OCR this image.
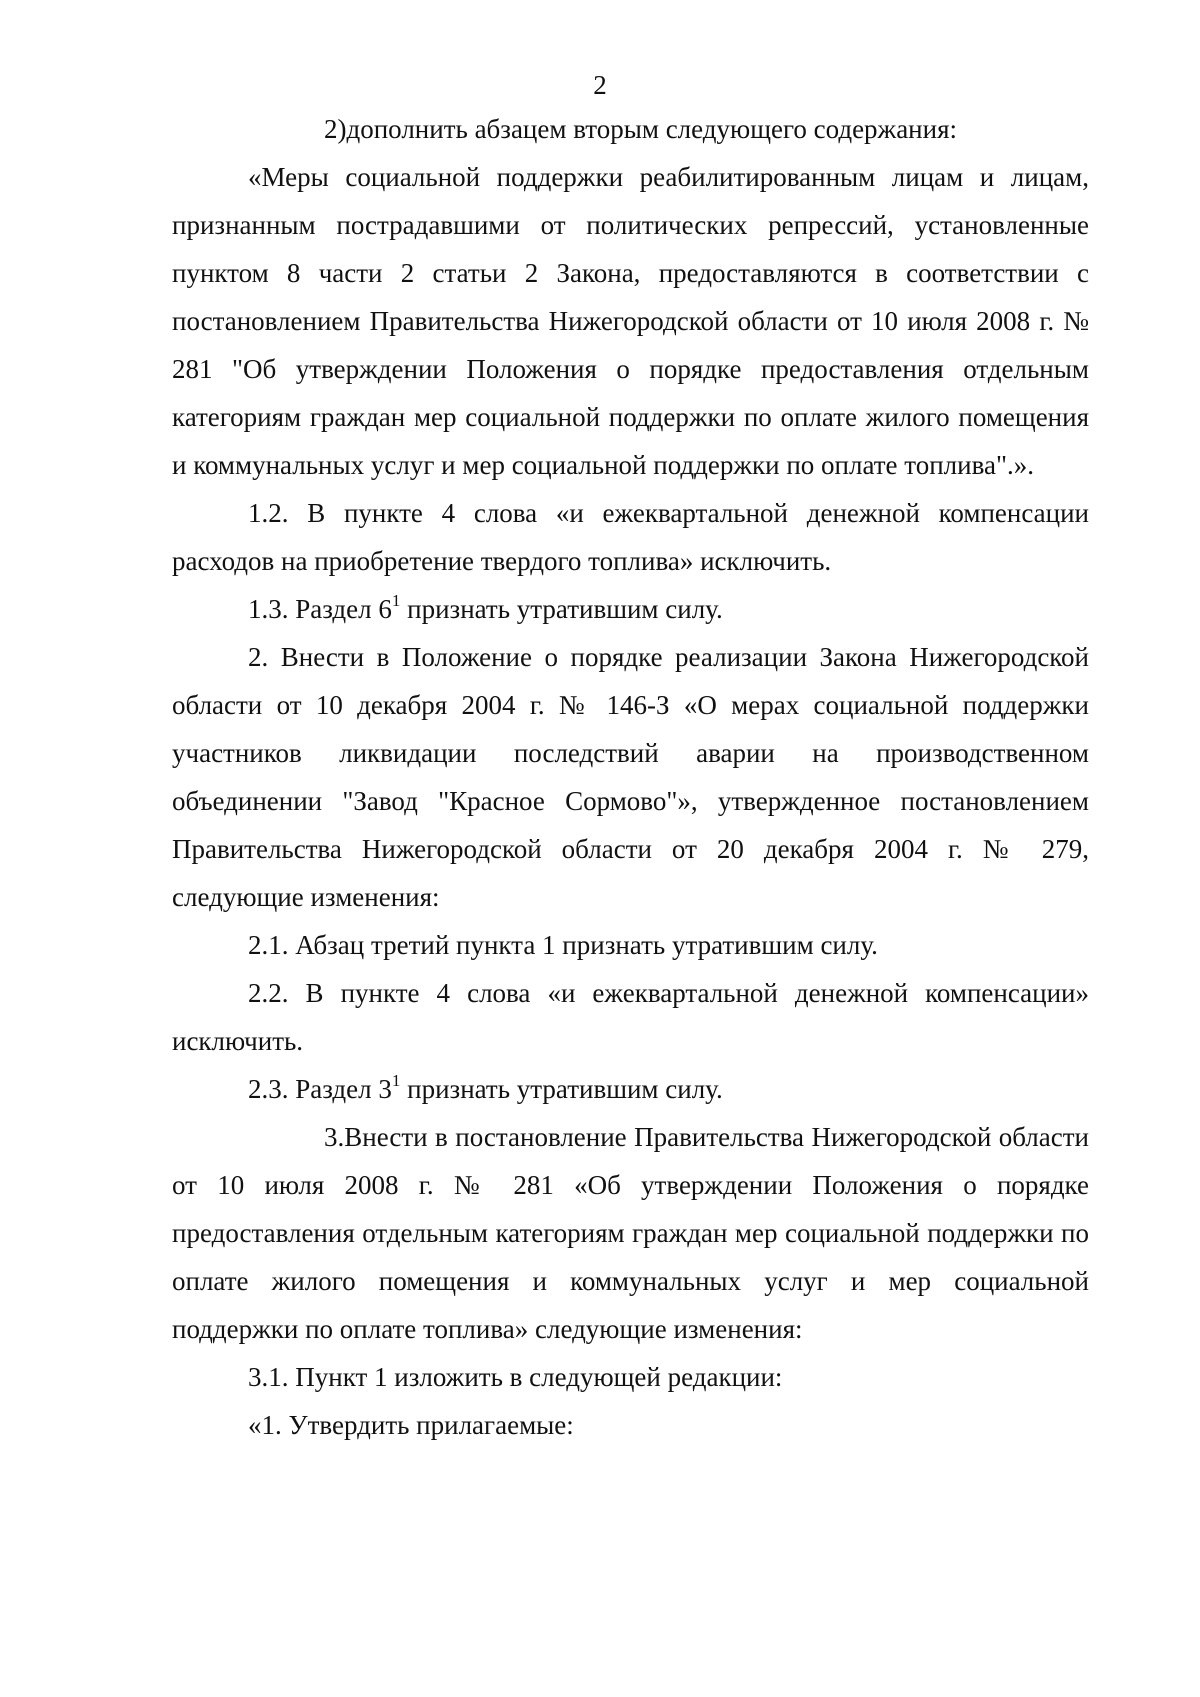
2

2)дополнить абзацем вторым следующего содержания:

«Меры социальной поддержки реабилитированным лицам и лицам, признанным пострадавшими от политических репрессий, установленные пунктом 8 части 2 статьи 2 Закона, предоставляются в соответствии с постановлением Правительства Нижегородской области от 10 июля 2008 г. № 281 "Об утверждении Положения о порядке предоставления отдельным категориям граждан мер социальной поддержки по оплате жилого помещения и коммунальных услуг и мер социальной поддержки по оплате топлива".».

1.2. В пункте 4 слова «и ежеквартальной денежной компенсации расходов на приобретение твердого топлива» исключить.

1.3. Раздел $6^1$ признать утратившим силу.

2. Внести в Положение о порядке реализации Закона Нижегородской области от 10 декабря 2004 г. № 146-З «О мерах социальной поддержки участников ликвидации последствий аварии на производственном объединении "Завод "Красное Сормово"», утвержденное постановлением Правительства Нижегородской области от 20 декабря 2004 г. № 279, следующие изменения:

2.1. Абзац третий пункта 1 признать утратившим силу.

2.2. В пункте 4 слова «и ежеквартальной денежной компенсации» исключить.

2.3. Раздел $3^1$ признать утратившим силу.

3.Внести в постановление Правительства Нижегородской области от 10 июля 2008 г. № 281 «Об утверждении Положения о порядке предоставления отдельным категориям граждан мер социальной поддержки по оплате жилого помещения и коммунальных услуг и мер социальной поддержки по оплате топлива» следующие изменения:

3.1. Пункт 1 изложить в следующей редакции:

«1. Утвердить прилагаемые:
